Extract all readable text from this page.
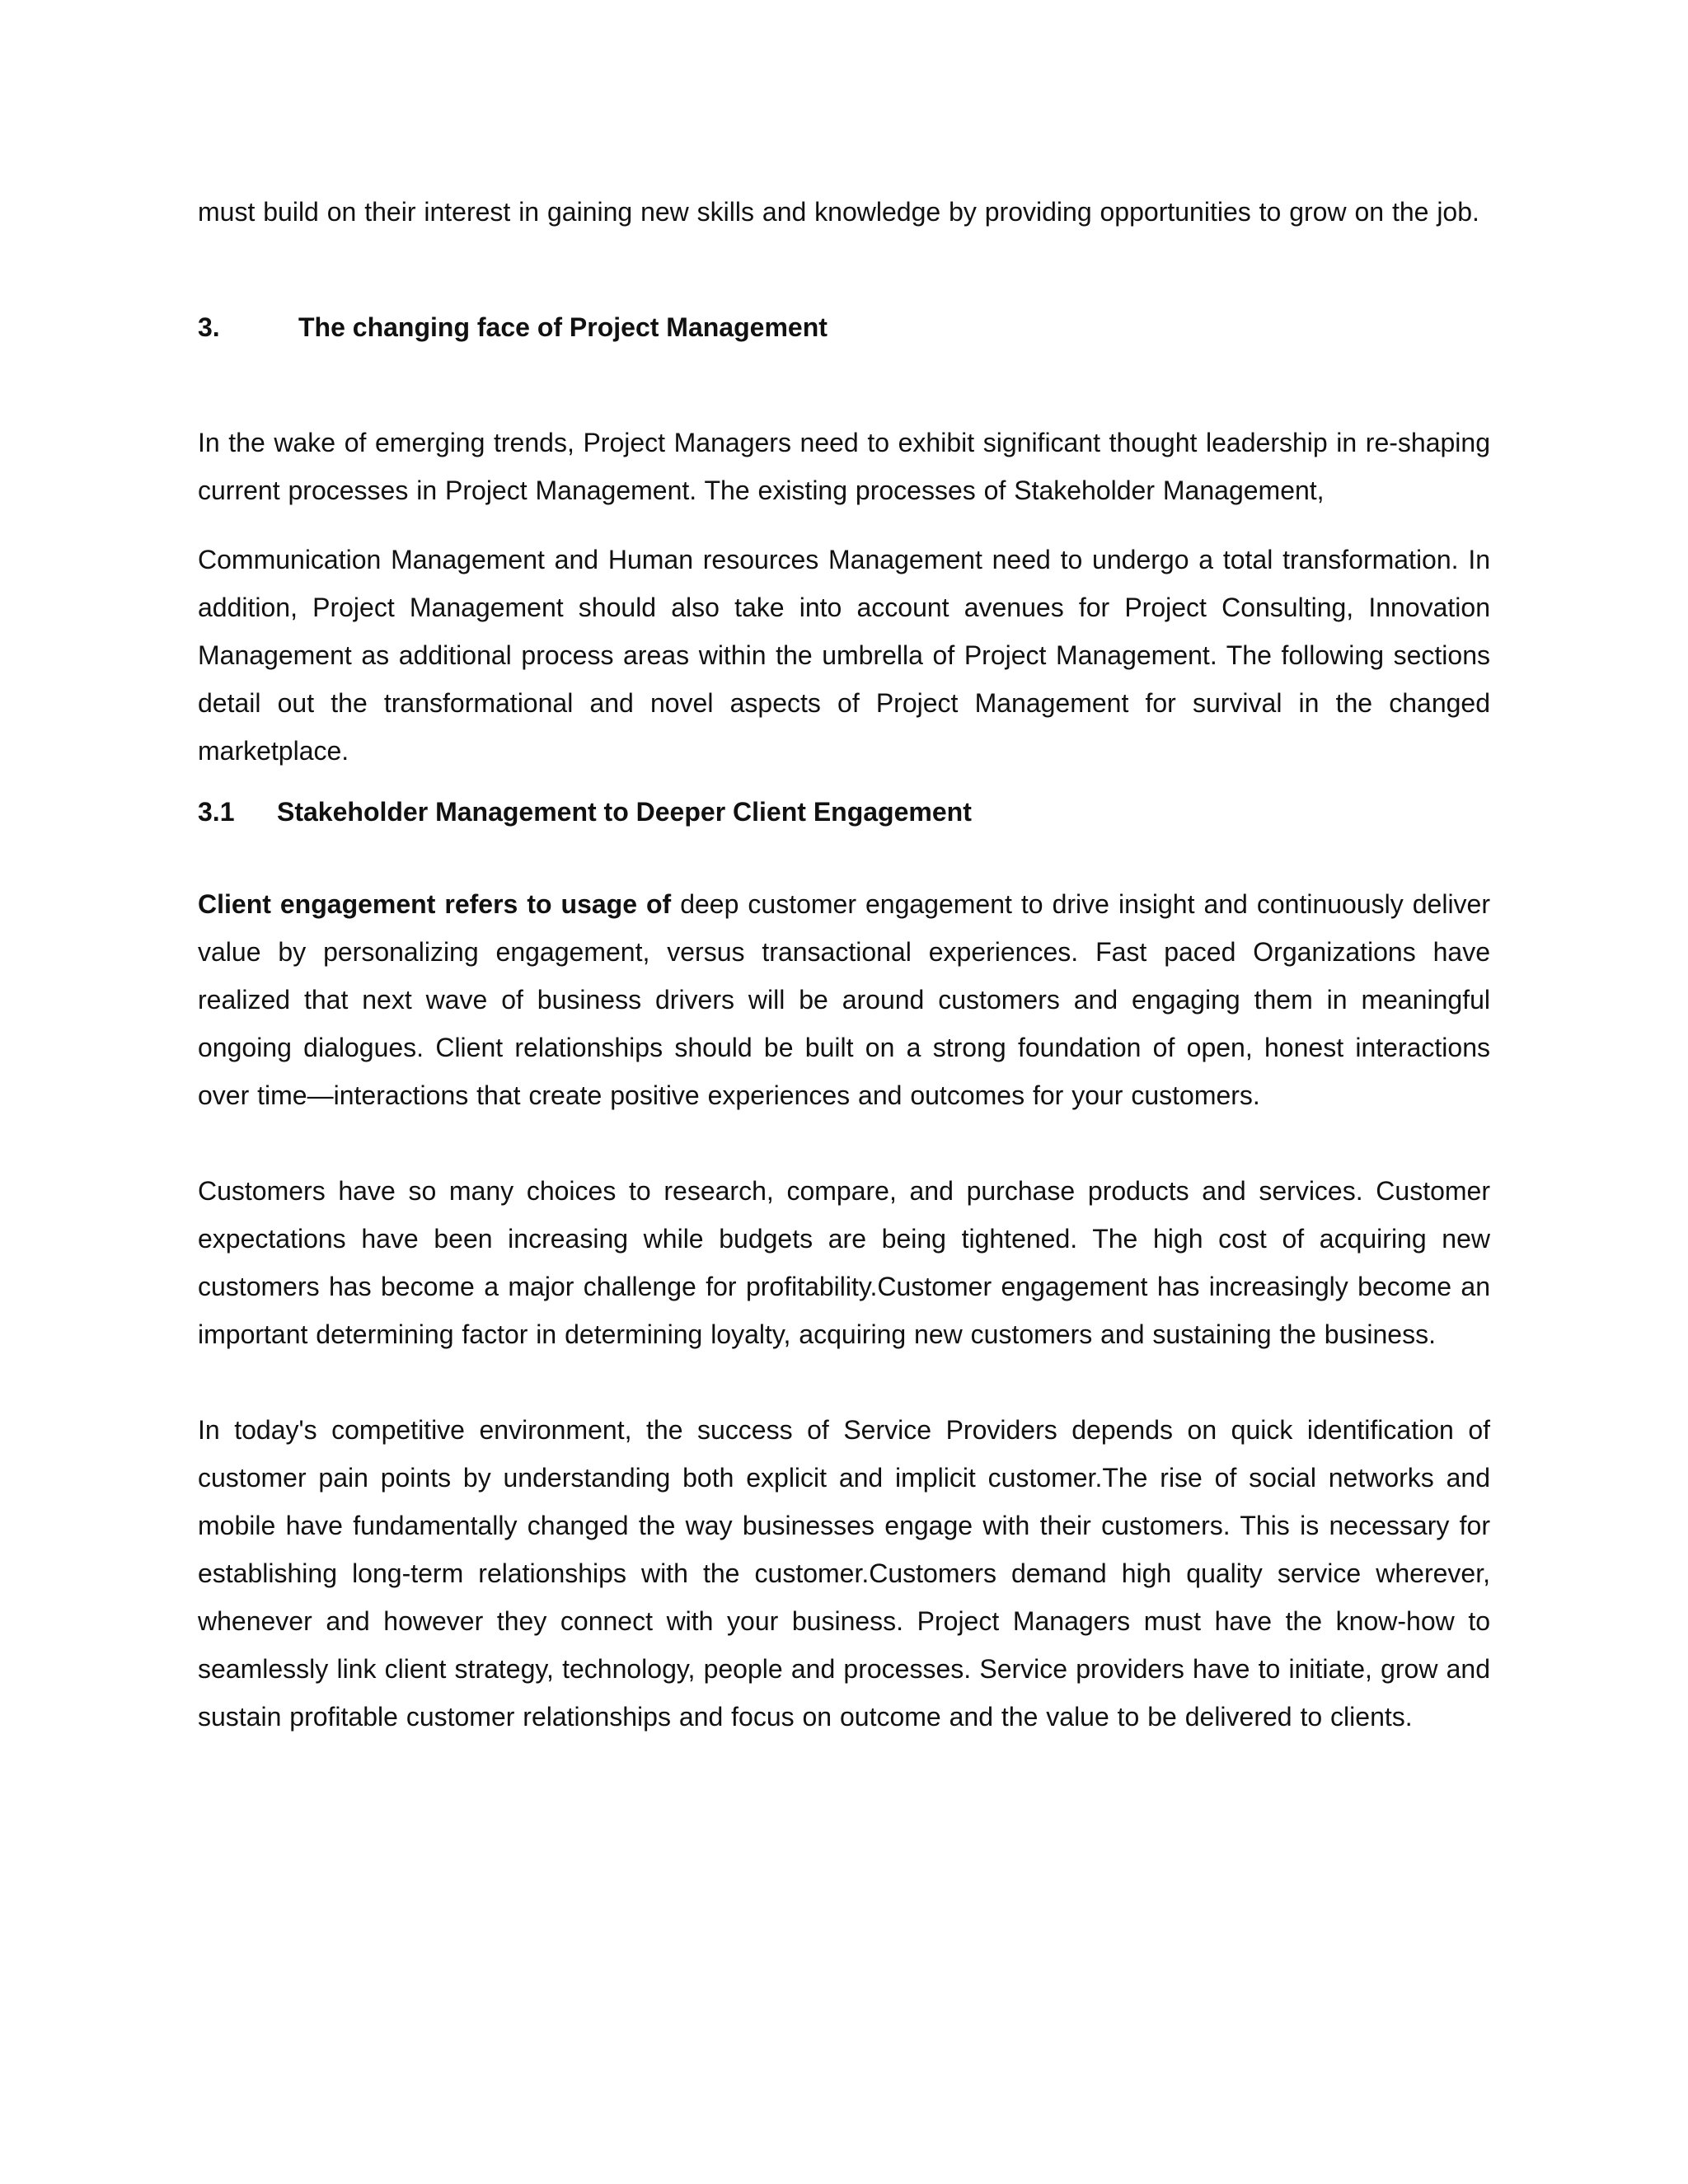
must build on their interest in gaining new skills and knowledge by providing opportunities to grow on the job.

3.	The changing face of Project Management

In the wake of emerging trends, Project Managers need to exhibit significant thought leadership in re-shaping current processes in Project Management. The existing processes of Stakeholder Management,

Communication Management and Human resources Management need to undergo a total transformation. In addition, Project Management should also take into account avenues for Project Consulting, Innovation Management as additional process areas within the umbrella of Project Management. The following sections detail out the transformational and novel aspects of Project Management for survival in the changed marketplace.

3.1	Stakeholder Management to Deeper Client Engagement

Client engagement refers to usage of deep customer engagement to drive insight and continuously deliver value by personalizing engagement, versus transactional experiences. Fast paced Organizations have realized that next wave of business drivers will be around customers and engaging them in meaningful ongoing dialogues. Client relationships should be built on a strong foundation of open, honest interactions over time—interactions that create positive experiences and outcomes for your customers.

Customers have so many choices to research, compare, and purchase products and services. Customer expectations have been increasing while budgets are being tightened. The high cost of acquiring new customers has become a major challenge for profitability.Customer engagement has increasingly become an important determining factor in determining loyalty, acquiring new customers and sustaining the business.

In today's competitive environment, the success of Service Providers depends on quick identification of customer pain points by understanding both explicit and implicit customer.The rise of social networks and mobile have fundamentally changed the way businesses engage with their customers. This is necessary for establishing long-term relationships with the customer.Customers demand high quality service wherever, whenever and however they connect with your business. Project Managers must have the know-how to seamlessly link client strategy, technology, people and processes. Service providers have to initiate, grow and sustain profitable customer relationships and focus on outcome and the value to be delivered to clients.
